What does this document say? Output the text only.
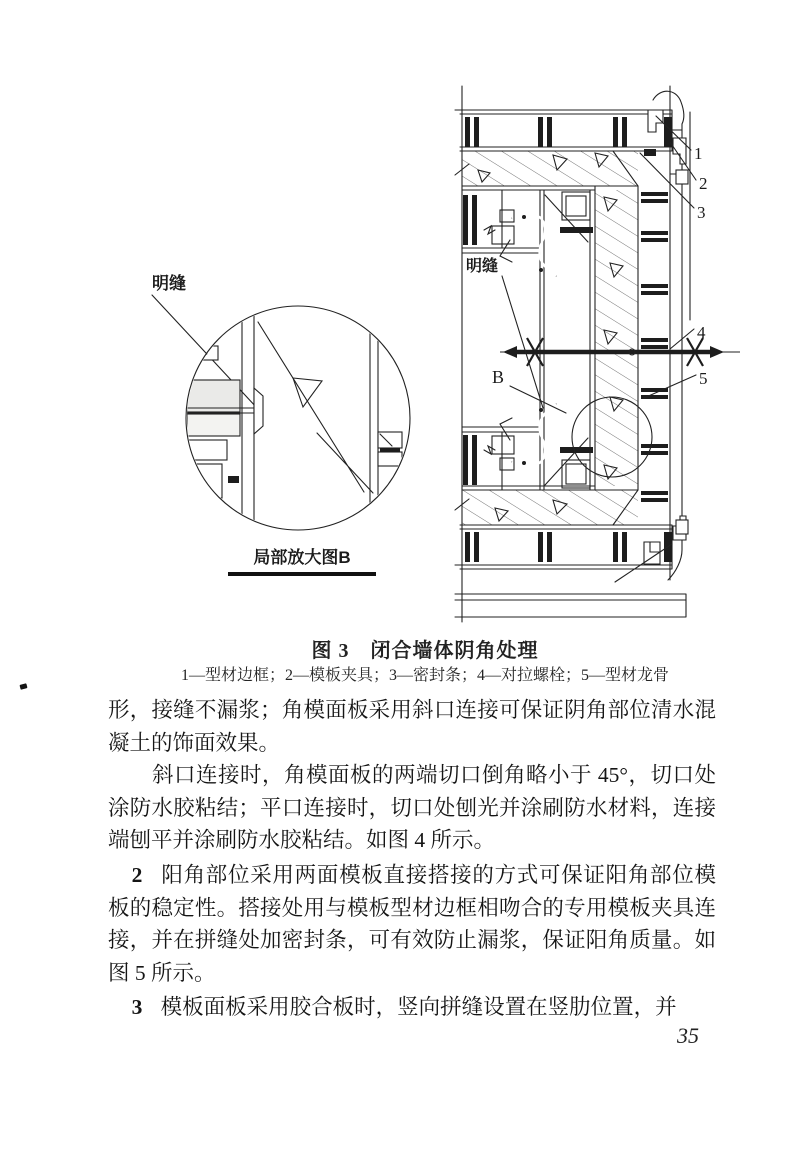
明缝
B
1
2
3
4
5
明缝
局部放大图B
图 3　闭合墙体阴角处理
1—型材边框；2—模板夹具；3—密封条；4—对拉螺栓；5—型材龙骨

形，接缝不漏浆；角模面板采用斜口连接可保证阴角部位清水混凝土的饰面效果。

斜口连接时，角模面板的两端切口倒角略小于 45°，切口处涂防水胶粘结；平口连接时，切口处刨光并涂刷防水材料，连接端刨平并涂刷防水胶粘结。如图 4 所示。

2 阳角部位采用两面模板直接搭接的方式可保证阳角部位模板的稳定性。搭接处用与模板型材边框相吻合的专用模板夹具连接，并在拼缝处加密封条，可有效防止漏浆，保证阳角质量。如图 5 所示。

3 模板面板采用胶合板时，竖向拼缝设置在竖肋位置，并

35
